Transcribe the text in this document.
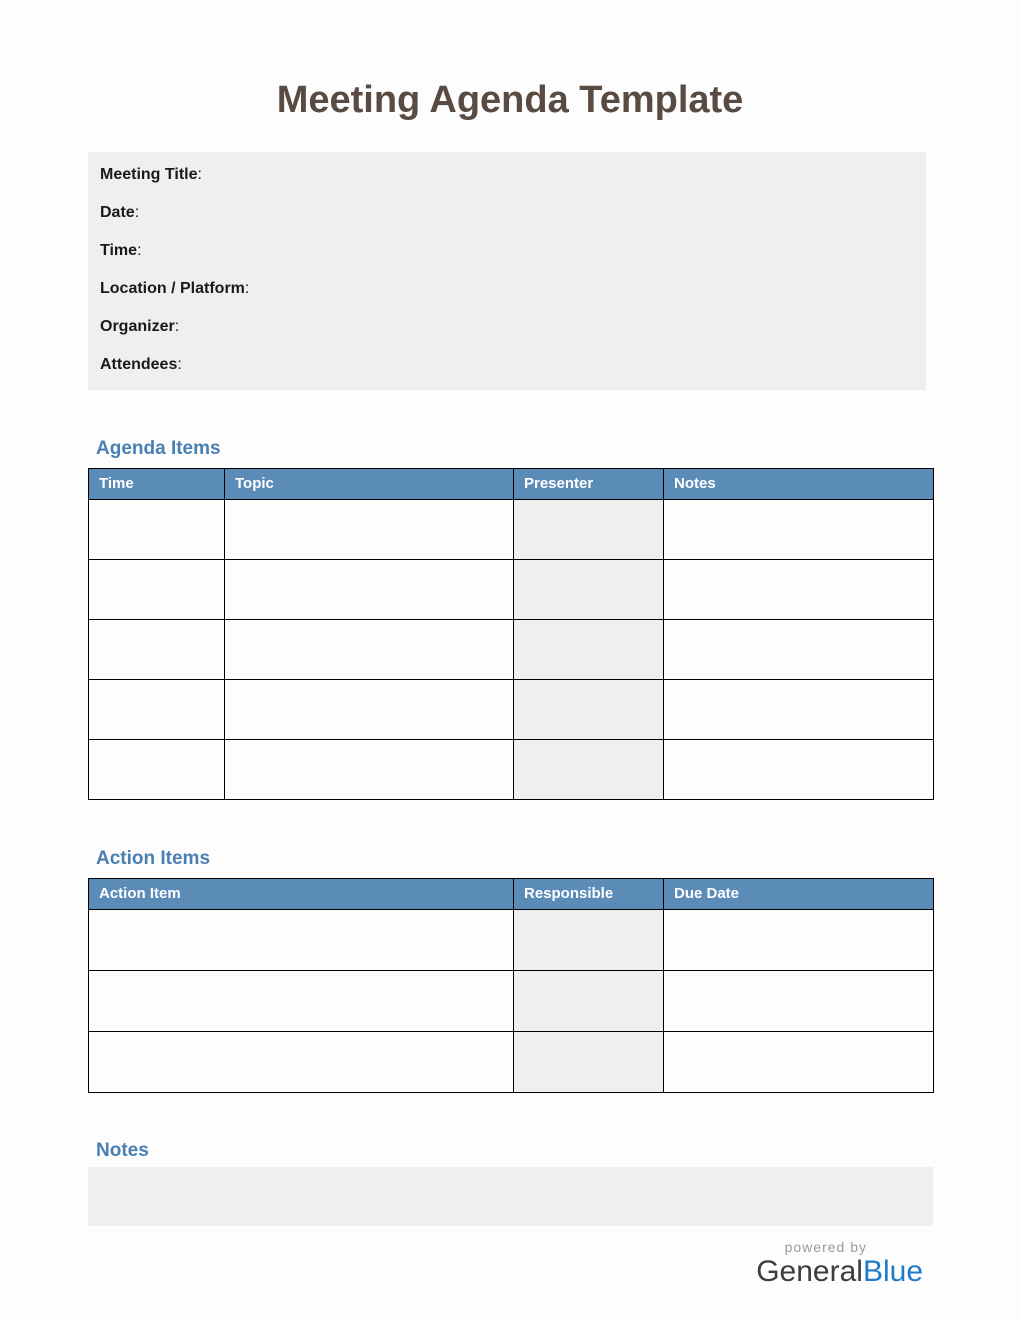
Meeting Agenda Template
Meeting Title :
Date :
Time :
Location / Platform :
Organizer :
Attendees :
Agenda Items
Time	Topic	Presenter	Notes

Action Items
Action Item	Responsible	Due Date

Notes
powered by
GeneralBlue
